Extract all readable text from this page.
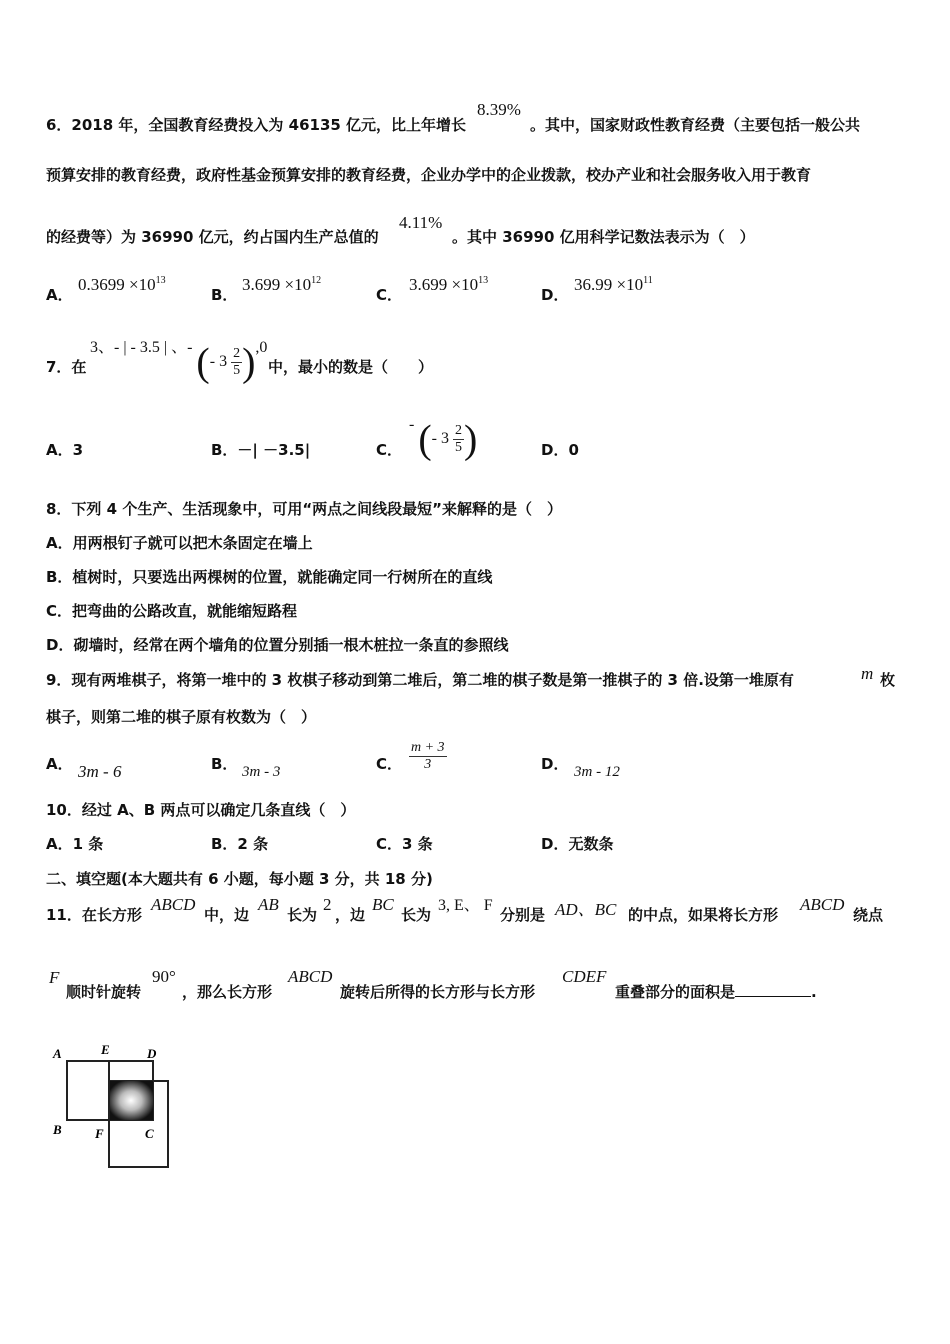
6．2018 年，全国教育经费投入为 46135 亿元，比上年增长
8.39%
。其中，国家财政性教育经费（主要包括一般公共
预算安排的教育经费，政府性基金预算安排的教育经费，企业办学中的企业拨款，校办产业和社会服务收入用于教育
的经费等）为 36990 亿元，约占国内生产总值的
4.11%
。其中 36990 亿用科学记数法表示为（　）
A．
$0.3699 \times 10^{13}$
B．
$3.699 \times 10^{12}$
C．
$3.699 \times 10^{13}$
D．
$36.99 \times 10^{11}$
7．在
3、- | - 3.5 | 、- (- $3 \frac{2}{5} ),0$
中，最小的数是（　　）
A．3	B．－| －3.5|	C．
- (- $3 \frac{2}{5}$ )	D．0
8．下列 4 个生产、生活现象中，可用“两点之间线段最短”来解释的是（　）
A．用两根钉子就可以把木条固定在墙上
B．植树时，只要选出两棵树的位置，就能确定同一行树所在的直线
C．把弯曲的公路改直，就能缩短路程
D．砌墙时，经常在两个墙角的位置分别插一根木桩拉一条直的参照线
9．现有两堆棋子，将第一堆中的 3 枚棋子移动到第二堆后，第二堆的棋子数是第一推棋子的 3 倍.设第一堆原有	m 枚
棋子，则第二堆的棋子原有枚数为（　）
A． 3m - 6	B． 3m - 3	C． $\frac{m + 3}{3}$	D． 3m - 12
10．经过 A、B 两点可以确定几条直线（　）
A．1 条	B．2 条	C．3 条	D．无数条
二、填空题(本大题共有 6 小题，每小题 3 分，共 18 分)
11．在长方形
ABCD
中，边
AB
长为
2
，边
BC
长为
3, E、 F
分别是 AD、BC 的中点，如果将长方形
ABCD
绕点
F
顺时针旋转
90°
，那么长方形
ABCD
旋转后所得的长方形与长方形
CDEF
重叠部分的面积是	.
A	E	D
B	F	C
